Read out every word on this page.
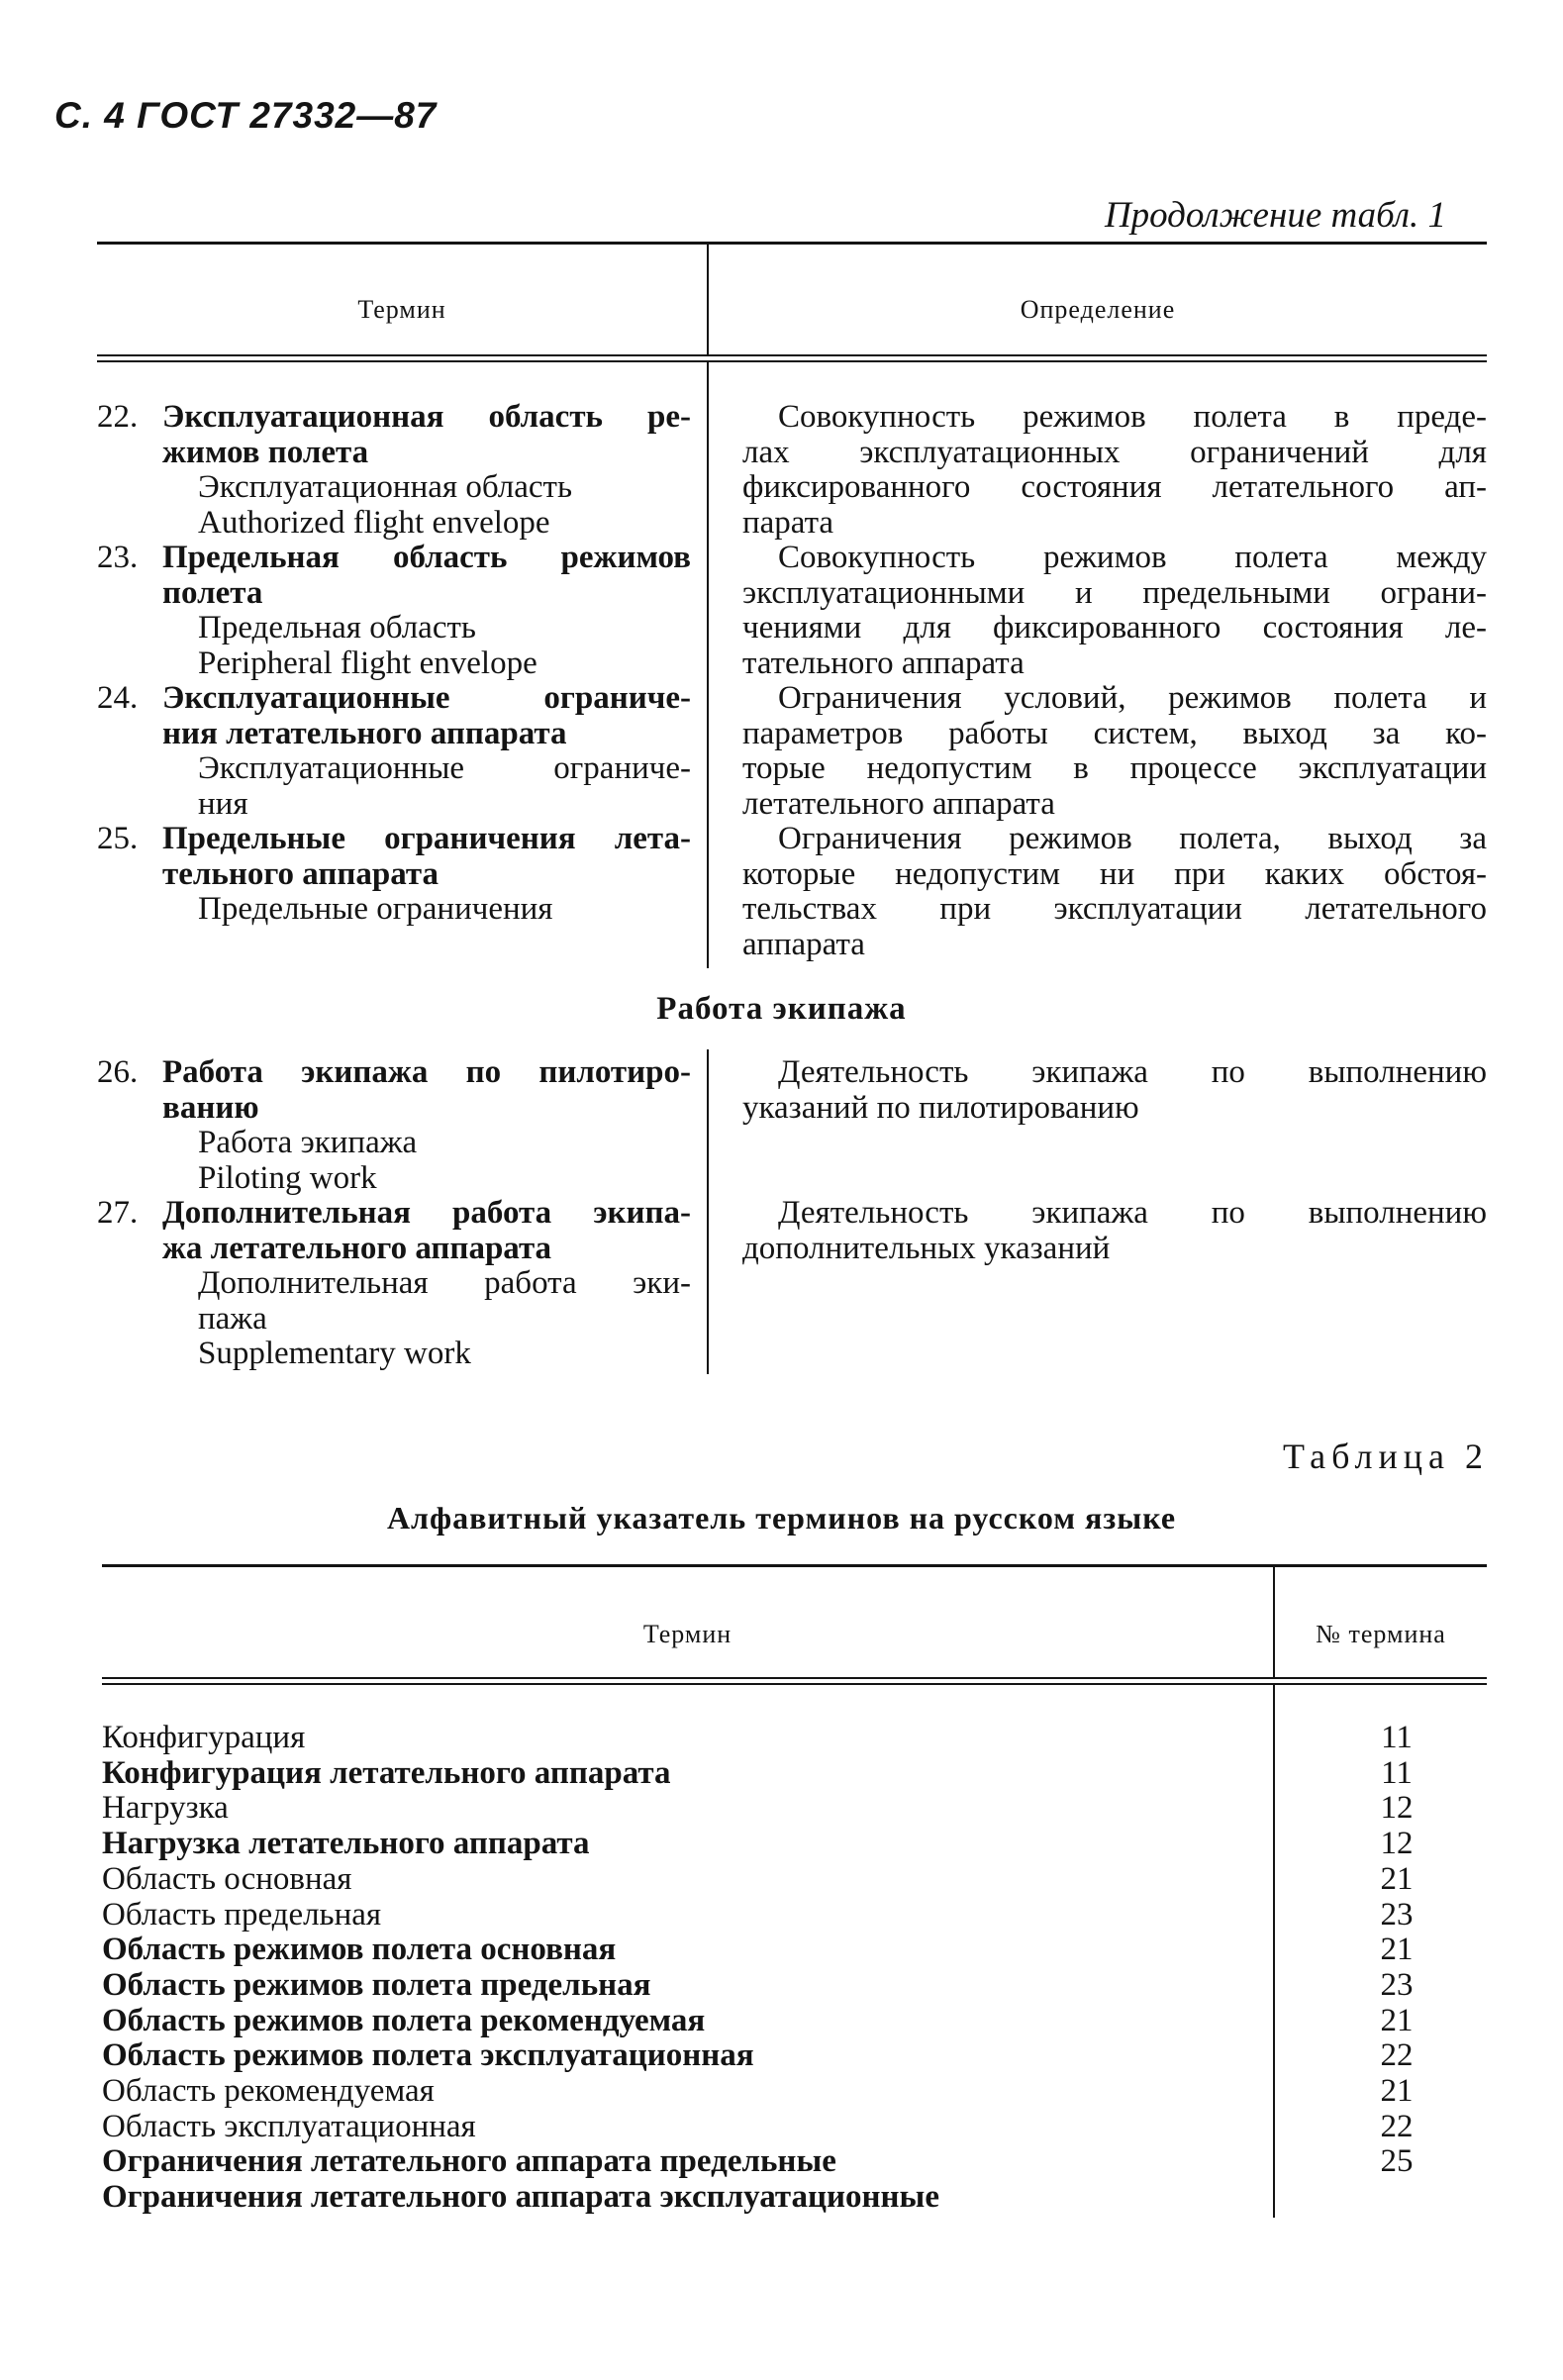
С. 4 ГОСТ 27332—87
Продолжение табл. 1
Термин	Определение
22. Эксплуатационная область ре-
жимов полета
Эксплуатационная область
Authorized flight envelope
23. Предельная область режимов
полета
Предельная область
Peripheral flight envelope
24. Эксплуатационные ограниче-
ния летательного аппарата
Эксплуатационные ограниче-
ния
25. Предельные ограничения лета-
тельного аппарата
Предельные ограничения
Совокупность режимов полета в преде-
лах эксплуатационных ограничений для
фиксированного состояния летательного ап-
парата
Совокупность режимов полета между
эксплуатационными и предельными ограни-
чениями для фиксированного состояния ле-
тательного аппарата
Ограничения условий, режимов полета и
параметров работы систем, выход за ко-
торые недопустим в процессе эксплуатации
летательного аппарата
Ограничения режимов полета, выход за
которые недопустим ни при каких обстоя-
тельствах при эксплуатации летательного
аппарата
Работа экипажа
26. Работа экипажа по пилотиро-
ванию
Работа экипажа
Piloting work
27. Дополнительная работа экипа-
жа летательного аппарата
Дополнительная работа эки-
пажа
Supplementary work
Деятельность экипажа по выполнению
указаний по пилотированию
Деятельность экипажа по выполнению
дополнительных указаний
Таблица 2
Алфавитный указатель терминов на русском языке
Термин	№ термина
Конфигурация
Конфигурация летательного аппарата
Нагрузка
Нагрузка летательного аппарата
Область основная
Область предельная
Область режимов полета основная
Область режимов полета предельная
Область режимов полета рекомендуемая
Область режимов полета эксплуатационная
Область рекомендуемая
Область эксплуатационная
Ограничения летательного аппарата предельные
Ограничения летательного аппарата эксплуатационные
11
11
12
12
21
23
21
23
21
22
21
22
25
